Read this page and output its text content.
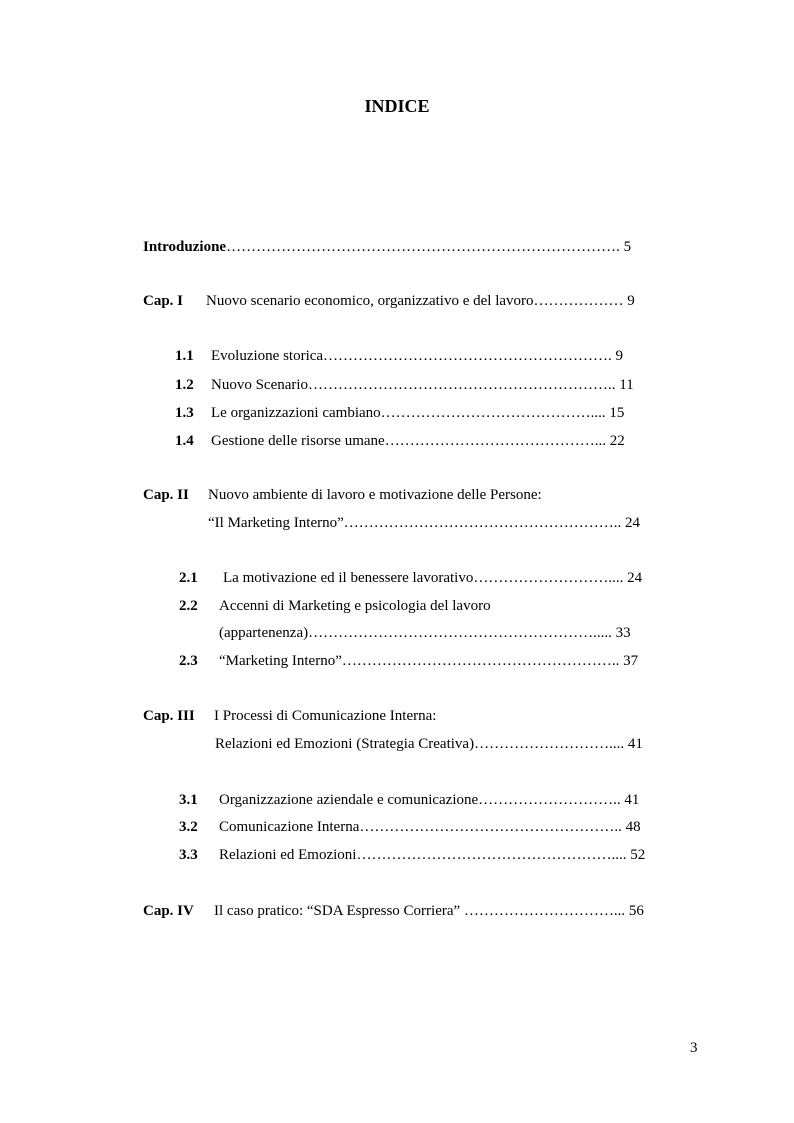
INDICE
Introduzione……………………………………………………………………. 5
Cap. I Nuovo scenario economico, organizzativo e del lavoro……………… 9
1.1 Evoluzione storica…………………………………………………. 9
1.2 Nuovo Scenario…………………………………………………….. 11
1.3 Le organizzazioni cambiano…………………………………….... 15
1.4 Gestione delle risorse umane……………………………………... 22
Cap. II Nuovo ambiente di lavoro e motivazione delle Persone:
“Il Marketing Interno”……………………………………………….. 24
2.1 La motivazione ed il benessere lavorativo……………………….... 24
2.2 Accenni di Marketing e psicologia del lavoro
(appartenenza)…………………………………………………..... 33
2.3 “Marketing Interno”……………………………………………….. 37
Cap. III I Processi di Comunicazione Interna:
Relazioni ed Emozioni (Strategia Creativa)……………………….... 41
3.1 Organizzazione aziendale e comunicazione……………………….. 41
3.2 Comunicazione Interna…………………………………………….. 48
3.3 Relazioni ed Emozioni…………………………………………….... 52
Cap. IV Il caso pratico: “SDA Espresso Corriera” …………………………... 56
3
